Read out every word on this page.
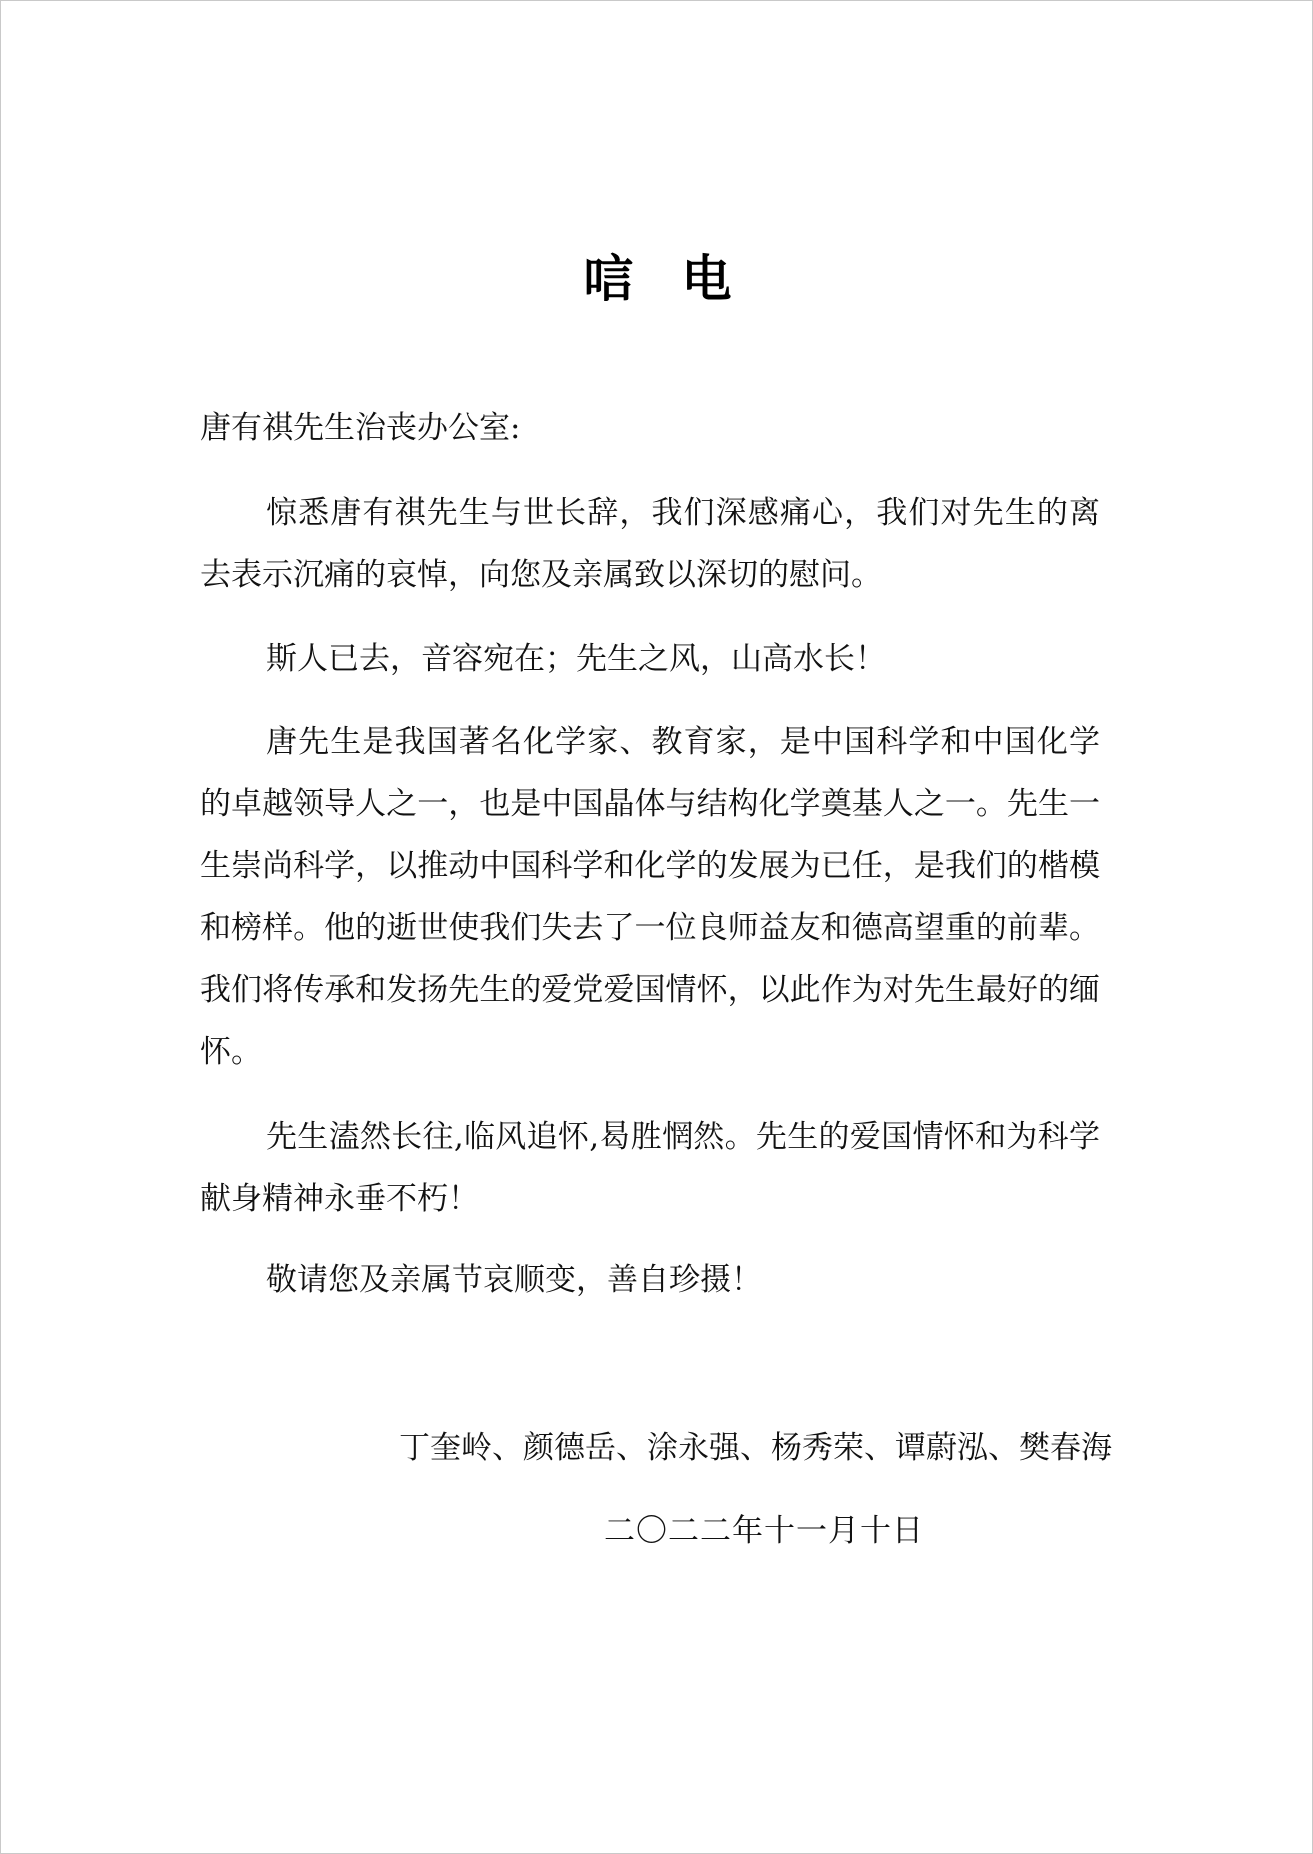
唁电
唐有祺先生治丧办公室:

惊悉唐有祺先生与世长辞，我们深感痛心，我们对先生的离去表示沉痛的哀悼，向您及亲属致以深切的慰问。

斯人已去，音容宛在；先生之风，山高水长！

唐先生是我国著名化学家、教育家，是中国科学和中国化学的卓越领导人之一，也是中国晶体与结构化学奠基人之一。先生一生崇尚科学，以推动中国科学和化学的发展为已任，是我们的楷模和榜样。他的逝世使我们失去了一位良师益友和德高望重的前辈。我们将传承和发扬先生的爱党爱国情怀，以此作为对先生最好的缅怀。

先生溘然长往,临风追怀,曷胜惘然。先生的爱国情怀和为科学献身精神永垂不朽！

敬请您及亲属节哀顺变，善自珍摄！

丁奎岭、颜德岳、涂永强、杨秀荣、谭蔚泓、樊春海
二〇二二年十一月十日
